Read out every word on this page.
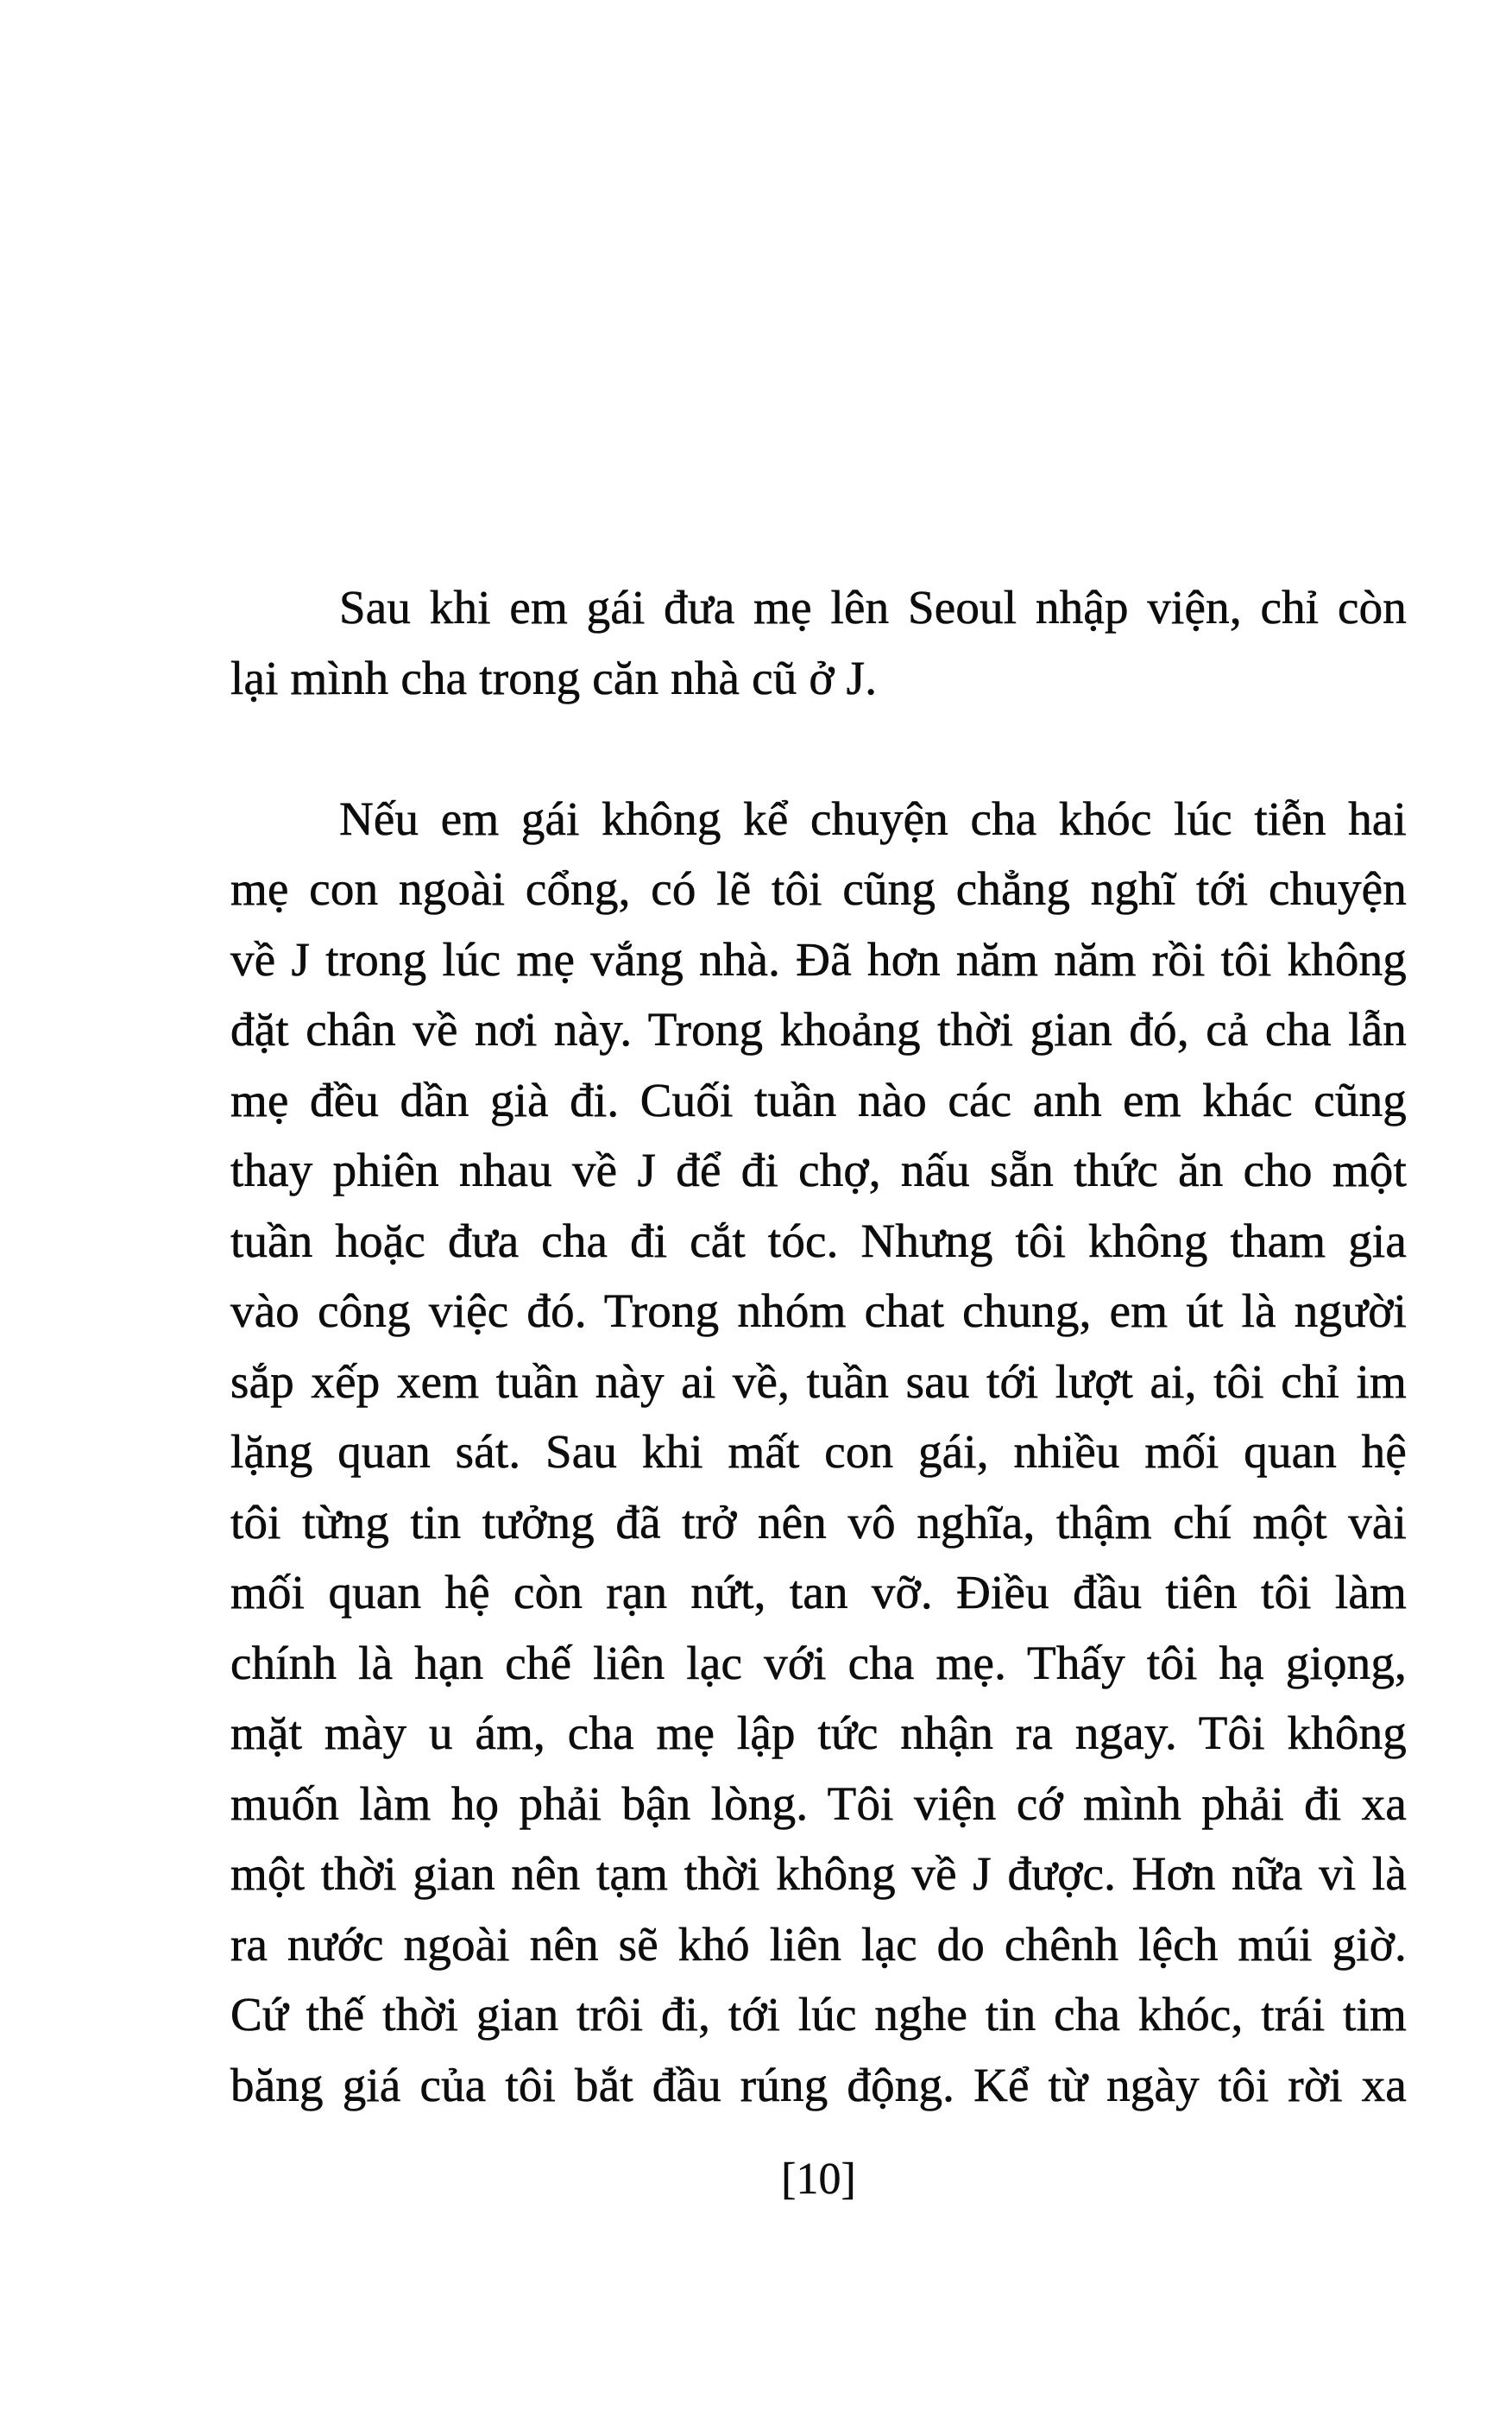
Sau khi em gái đưa mẹ lên Seoul nhập viện, chỉ còn
lại mình cha trong căn nhà cũ ở J.
Nếu em gái không kể chuyện cha khóc lúc tiễn hai
mẹ con ngoài cổng, có lẽ tôi cũng chẳng nghĩ tới chuyện
về J trong lúc mẹ vắng nhà. Đã hơn năm năm rồi tôi không
đặt chân về nơi này. Trong khoảng thời gian đó, cả cha lẫn
mẹ đều dần già đi. Cuối tuần nào các anh em khác cũng
thay phiên nhau về J để đi chợ, nấu sẵn thức ăn cho một
tuần hoặc đưa cha đi cắt tóc. Nhưng tôi không tham gia
vào công việc đó. Trong nhóm chat chung, em út là người
sắp xếp xem tuần này ai về, tuần sau tới lượt ai, tôi chỉ im
lặng quan sát. Sau khi mất con gái, nhiều mối quan hệ
tôi từng tin tưởng đã trở nên vô nghĩa, thậm chí một vài
mối quan hệ còn rạn nứt, tan vỡ. Điều đầu tiên tôi làm
chính là hạn chế liên lạc với cha mẹ. Thấy tôi hạ giọng,
mặt mày u ám, cha mẹ lập tức nhận ra ngay. Tôi không
muốn làm họ phải bận lòng. Tôi viện cớ mình phải đi xa
một thời gian nên tạm thời không về J được. Hơn nữa vì là
ra nước ngoài nên sẽ khó liên lạc do chênh lệch múi giờ.
Cứ thế thời gian trôi đi, tới lúc nghe tin cha khóc, trái tim
băng giá của tôi bắt đầu rúng động. Kể từ ngày tôi rời xa
[10]
